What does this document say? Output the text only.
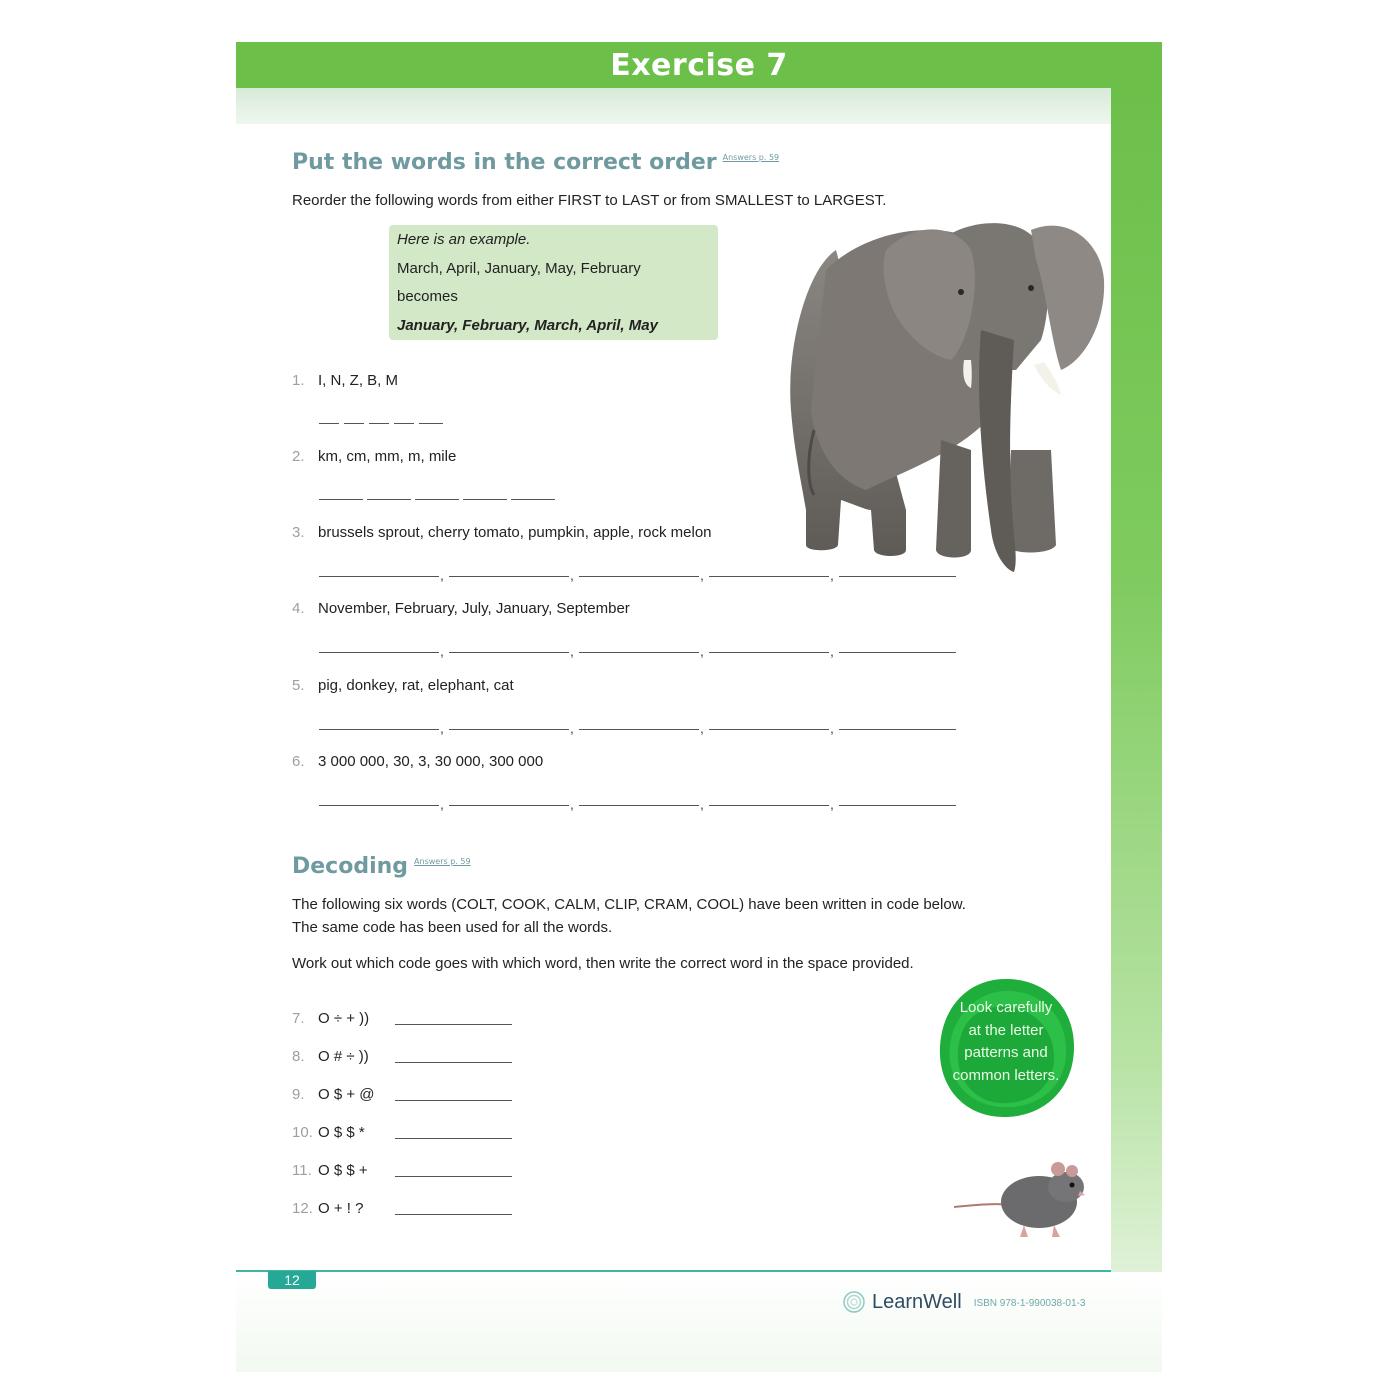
Exercise 7
Put the words in the correct order $^{Answers p. 59}$
Reorder the following words from either FIRST to LAST or from SMALLEST to LARGEST.
Here is an example.
March, April, January, May, February
becomes
January, February, March, April, May
1. I, N, Z, B, M
2. km, cm, mm, m, mile
3. brussels sprout, cherry tomato, pumpkin, apple, rock melon
4. November, February, July, January, September
5. pig, donkey, rat, elephant, cat
6. 3 000 000, 30, 3, 30 000, 300 000
,	,	,	,
,	,	,	,
,	,	,	,
,	,	,	,
Decoding $^{Answers p. 59}$
The following six words (COLT, COOK, CALM, CLIP, CRAM, COOL) have been written in code below.
The same code has been used for all the words.
Work out which code goes with which word, then write the correct word in the space provided.
7. O ÷ + ))
8. O # ÷ ))
9. O $ + @
10. O $ $ *
11. O $ $ +
12. O + ! ?
Look carefully
at the letter
patterns and
common letters.
12
LearnWell ISBN 978-1-990038-01-3
